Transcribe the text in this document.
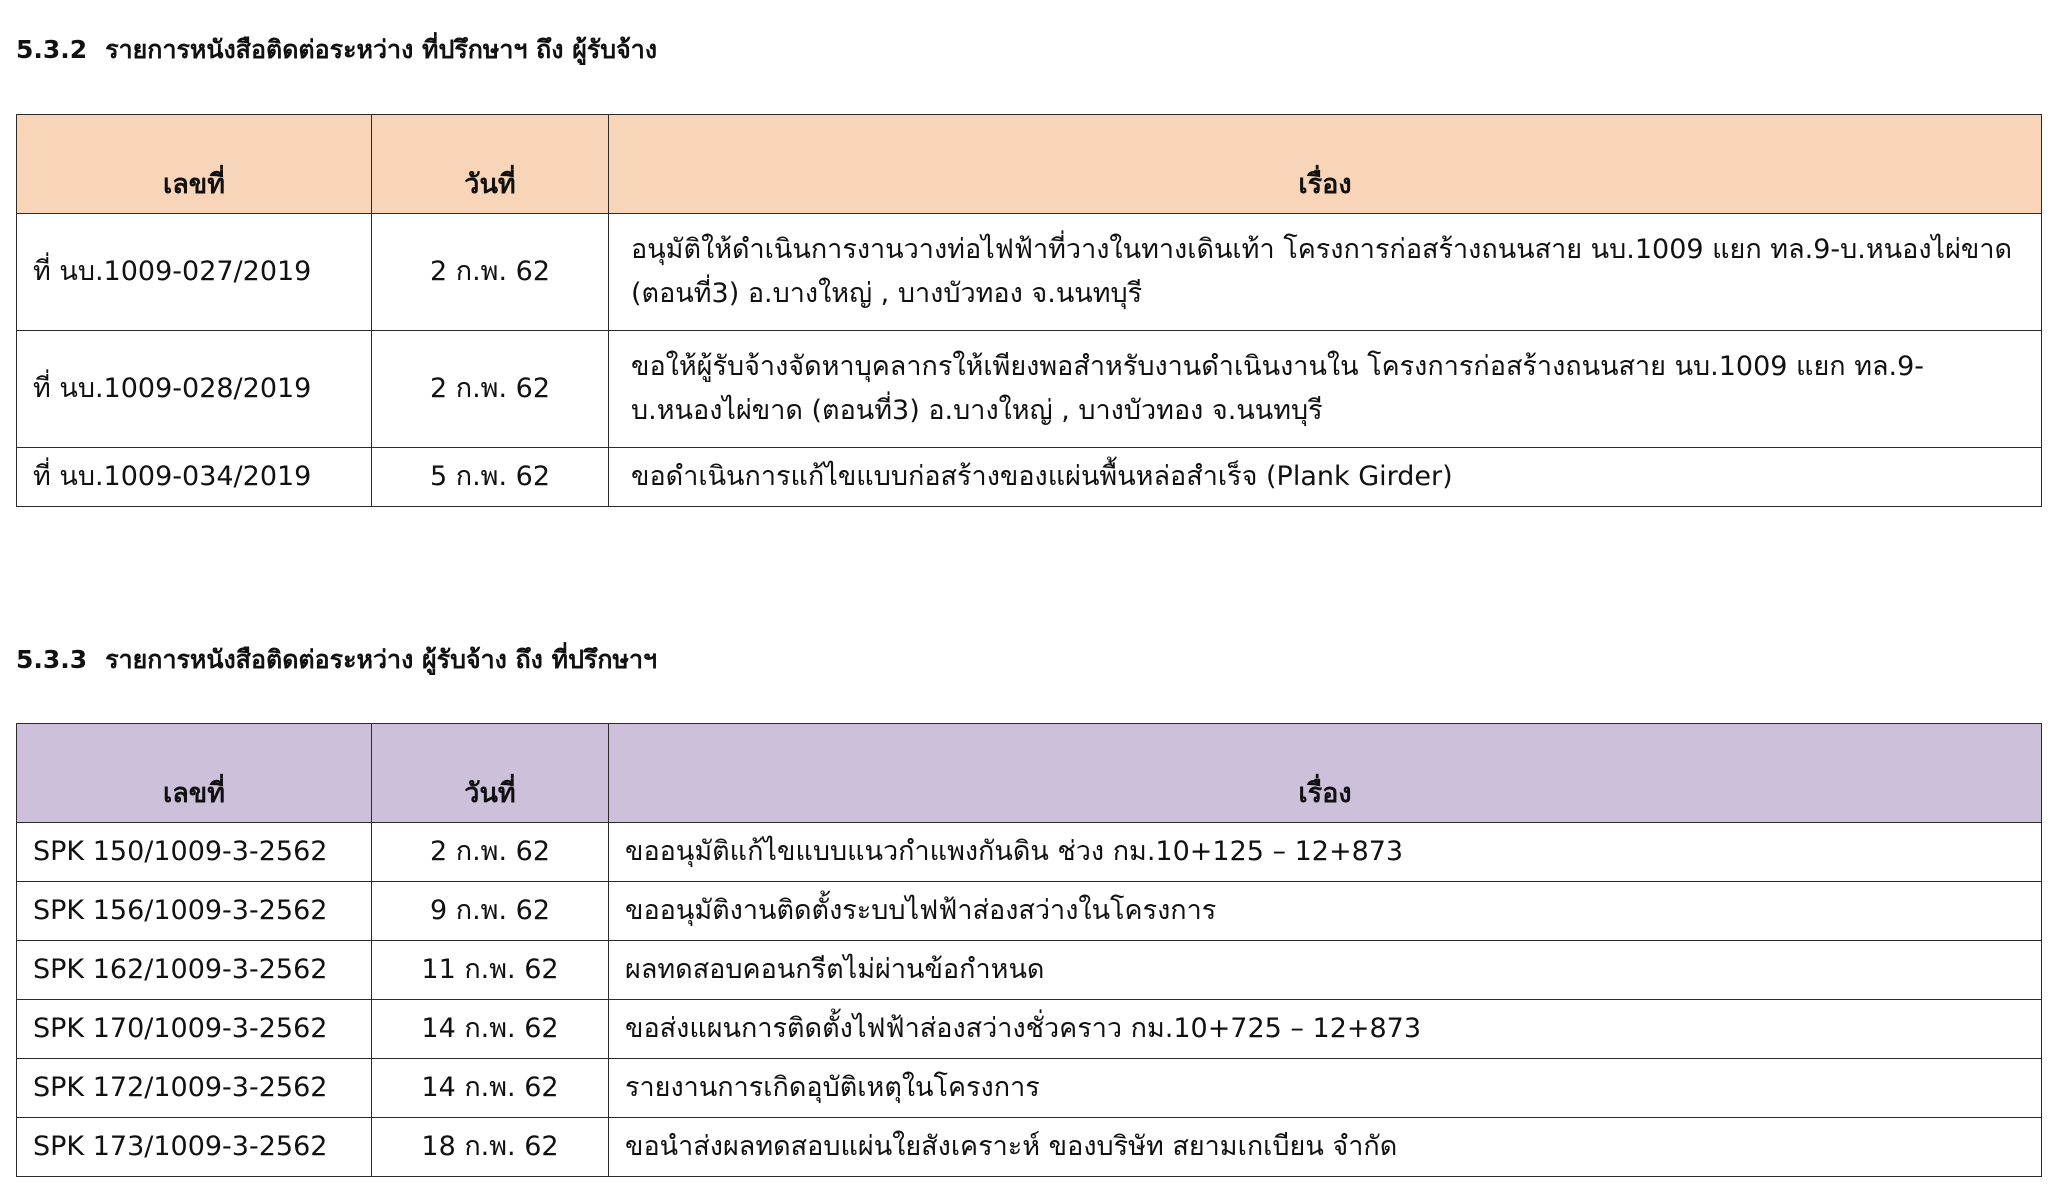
5.3.2 รายการหนังสือติดต่อระหว่าง ที่ปรึกษาฯ ถึง ผู้รับจ้าง
เลขที่	วันที่	เรื่อง
ที่ นบ.1009-027/2019	2 ก.พ. 62	อนุมัติให้ดำเนินการงานวางท่อไฟฟ้าที่วางในทางเดินเท้า โครงการก่อสร้างถนนสาย นบ.1009 แยก ทล.9-บ.หนองไผ่ขาด (ตอนที่3) อ.บางใหญ่ , บางบัวทอง จ.นนทบุรี
ที่ นบ.1009-028/2019	2 ก.พ. 62	ขอให้ผู้รับจ้างจัดหาบุคลากรให้เพียงพอสำหรับงานดำเนินงานใน โครงการก่อสร้างถนนสาย นบ.1009 แยก ทล.9-บ.หนองไผ่ขาด (ตอนที่3) อ.บางใหญ่ , บางบัวทอง จ.นนทบุรี
ที่ นบ.1009-034/2019	5 ก.พ. 62	ขอดำเนินการแก้ไขแบบก่อสร้างของแผ่นพื้นหล่อสำเร็จ (Plank Girder)
5.3.3 รายการหนังสือติดต่อระหว่าง ผู้รับจ้าง ถึง ที่ปรึกษาฯ
เลขที่	วันที่	เรื่อง
SPK 150/1009-3-2562	2 ก.พ. 62	ขออนุมัติแก้ไขแบบแนวกำแพงกันดิน ช่วง กม.10+125 – 12+873
SPK 156/1009-3-2562	9 ก.พ. 62	ขออนุมัติงานติดตั้งระบบไฟฟ้าส่องสว่างในโครงการ
SPK 162/1009-3-2562	11 ก.พ. 62	ผลทดสอบคอนกรีตไม่ผ่านข้อกำหนด
SPK 170/1009-3-2562	14 ก.พ. 62	ขอส่งแผนการติดตั้งไฟฟ้าส่องสว่างชั่วคราว กม.10+725 – 12+873
SPK 172/1009-3-2562	14 ก.พ. 62	รายงานการเกิดอุบัติเหตุในโครงการ
SPK 173/1009-3-2562	18 ก.พ. 62	ขอนำส่งผลทดสอบแผ่นใยสังเคราะห์ ของบริษัท สยามเกเบียน จำกัด
